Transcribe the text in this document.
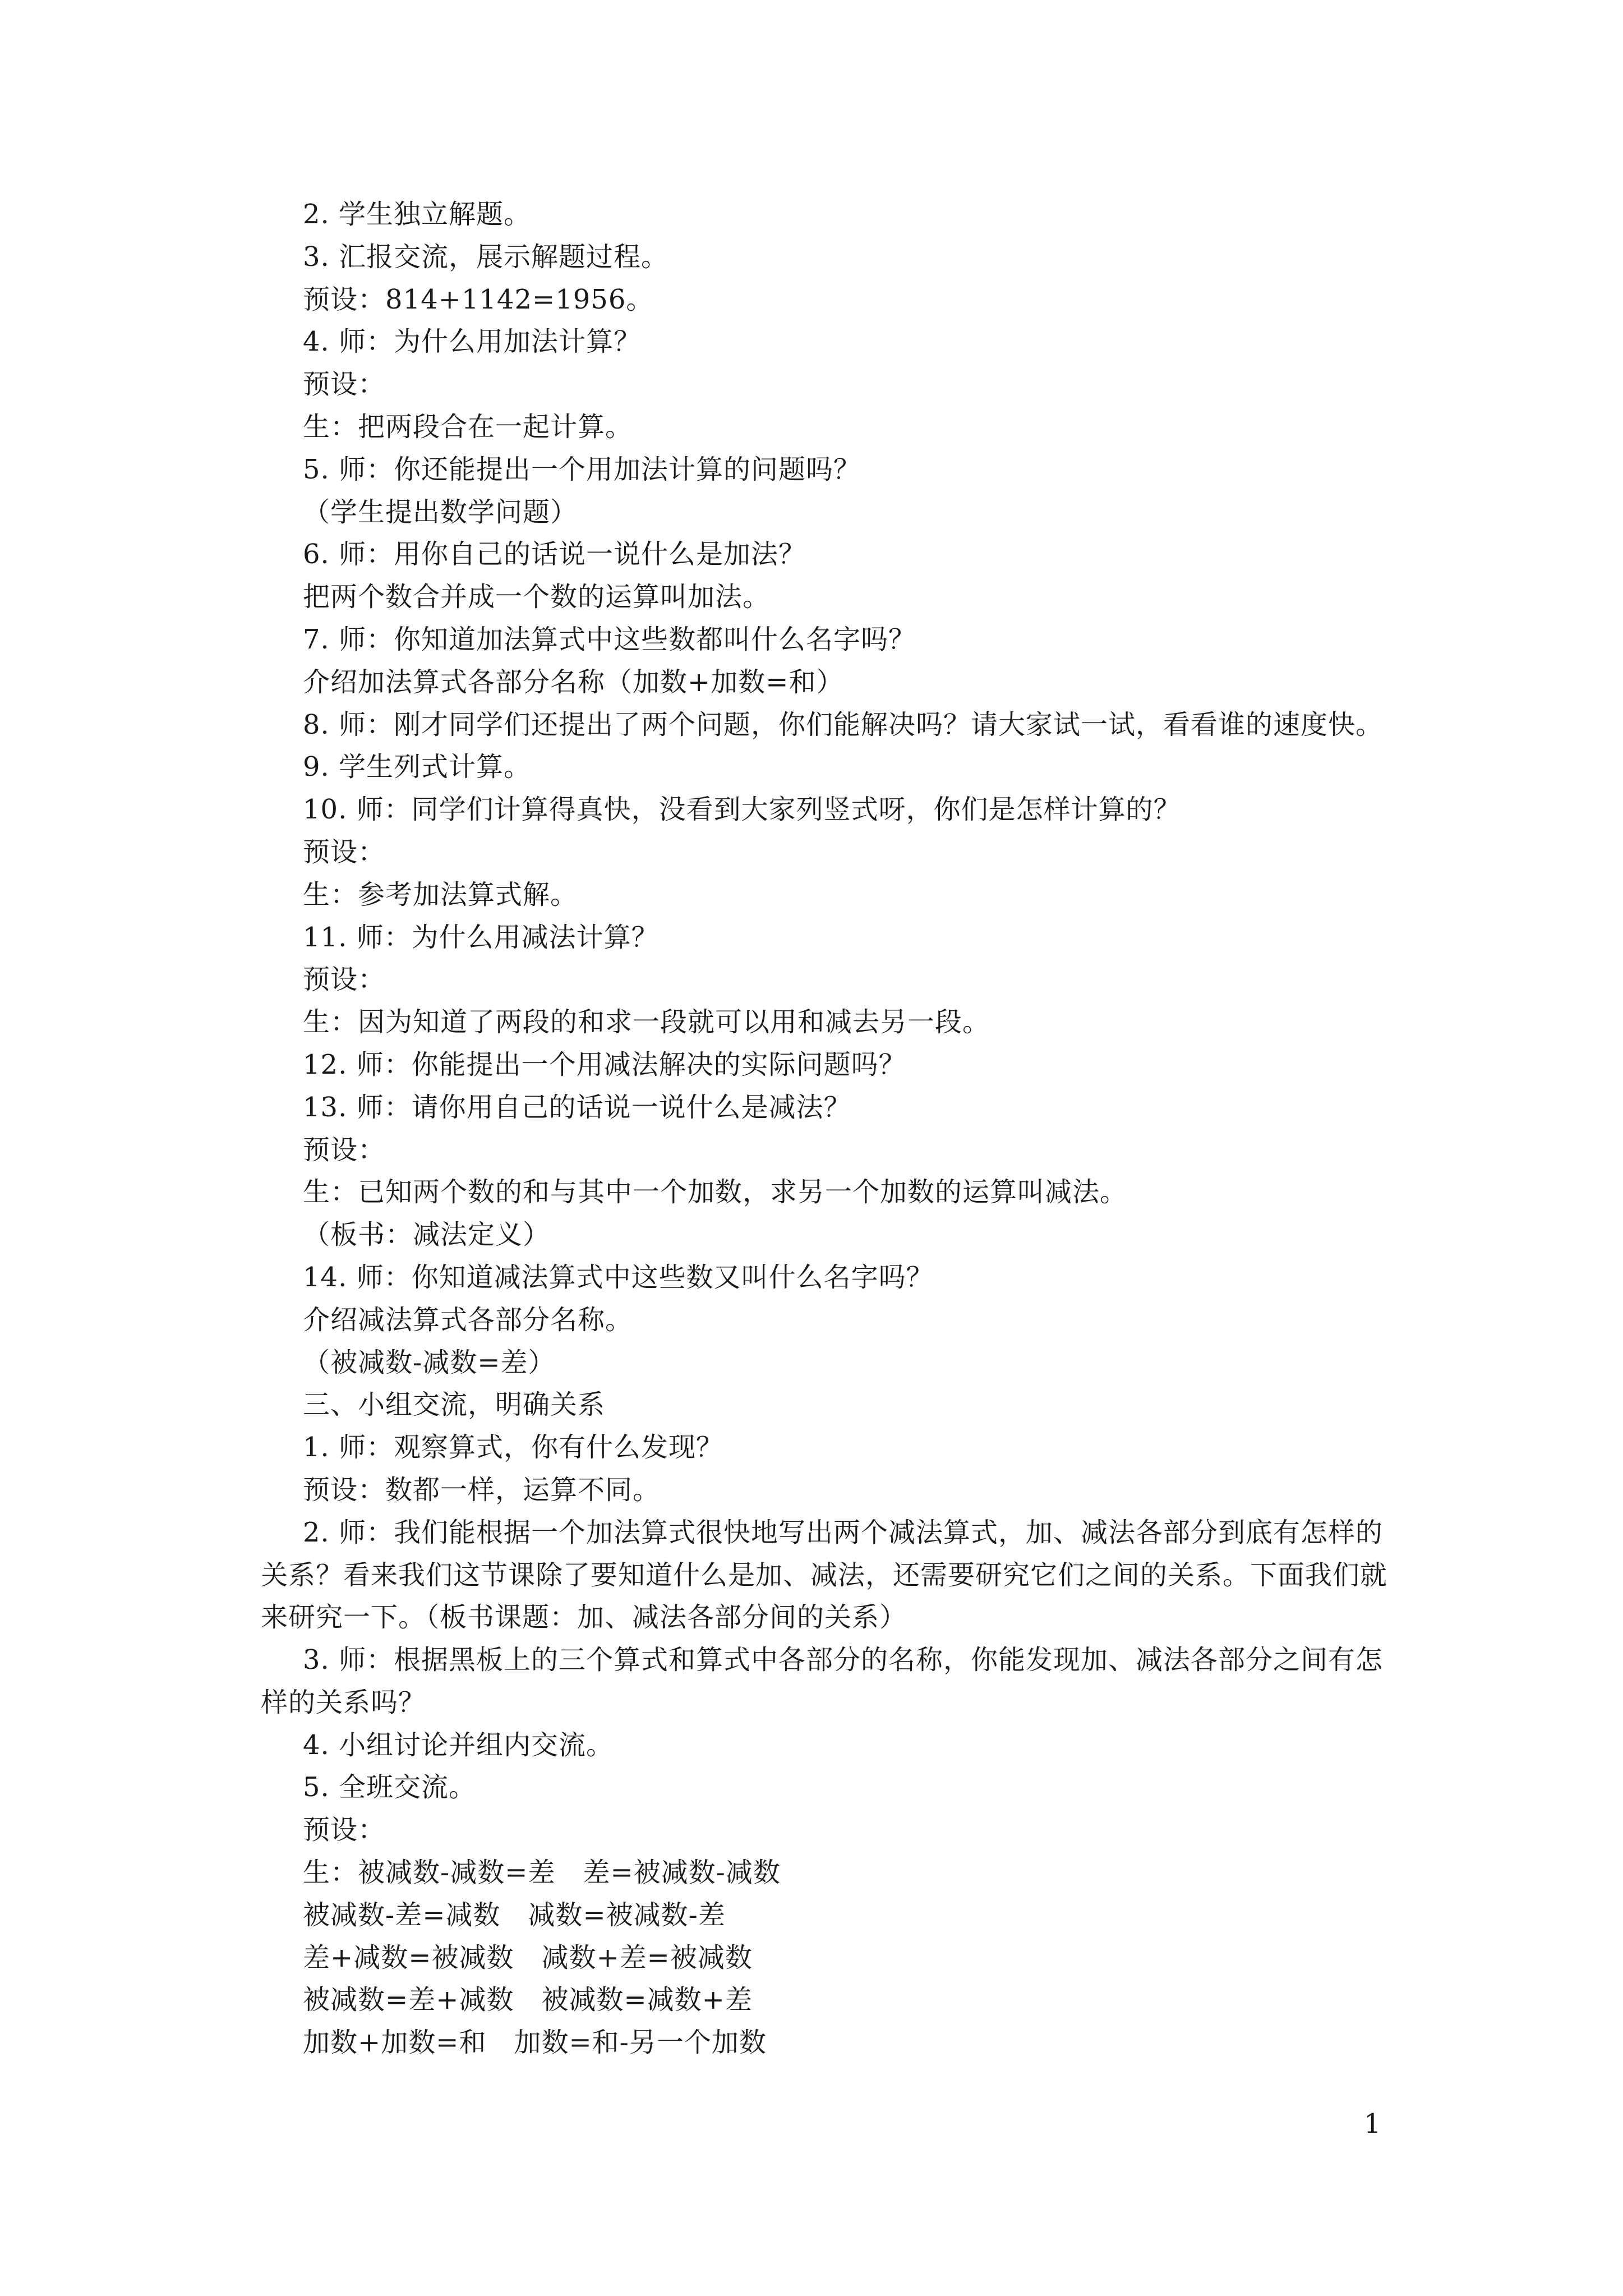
2. 学生独立解题。
3. 汇报交流，展示解题过程。
预设：814+1142=1956。
4. 师：为什么用加法计算？
预设：
生：把两段合在一起计算。
5. 师：你还能提出一个用加法计算的问题吗？
（学生提出数学问题）
6. 师：用你自己的话说一说什么是加法？
把两个数合并成一个数的运算叫加法。
7. 师：你知道加法算式中这些数都叫什么名字吗？
介绍加法算式各部分名称（加数+加数=和）
8. 师：刚才同学们还提出了两个问题，你们能解决吗？请大家试一试，看看谁的速度快。
9. 学生列式计算。
10. 师：同学们计算得真快，没看到大家列竖式呀，你们是怎样计算的？
预设：
生：参考加法算式解。
11. 师：为什么用减法计算？
预设：
生：因为知道了两段的和求一段就可以用和减去另一段。
12. 师：你能提出一个用减法解决的实际问题吗？
13. 师：请你用自己的话说一说什么是减法？
预设：
生：已知两个数的和与其中一个加数，求另一个加数的运算叫减法。
（板书：减法定义）
14. 师：你知道减法算式中这些数又叫什么名字吗？
介绍减法算式各部分名称。
（被减数-减数=差）
三、小组交流，明确关系
1. 师：观察算式，你有什么发现？
预设：数都一样，运算不同。
2. 师：我们能根据一个加法算式很快地写出两个减法算式，加、减法各部分到底有怎样的
关系？看来我们这节课除了要知道什么是加、减法，还需要研究它们之间的关系。下面我们就
来研究一下。（板书课题：加、减法各部分间的关系）
3. 师：根据黑板上的三个算式和算式中各部分的名称，你能发现加、减法各部分之间有怎
样的关系吗？
4. 小组讨论并组内交流。
5. 全班交流。
预设：
生：被减数-减数=差　差=被减数-减数
被减数-差=减数　减数=被减数-差
差+减数=被减数　减数+差=被减数
被减数=差+减数　被减数=减数+差
加数+加数=和　加数=和-另一个加数
1
